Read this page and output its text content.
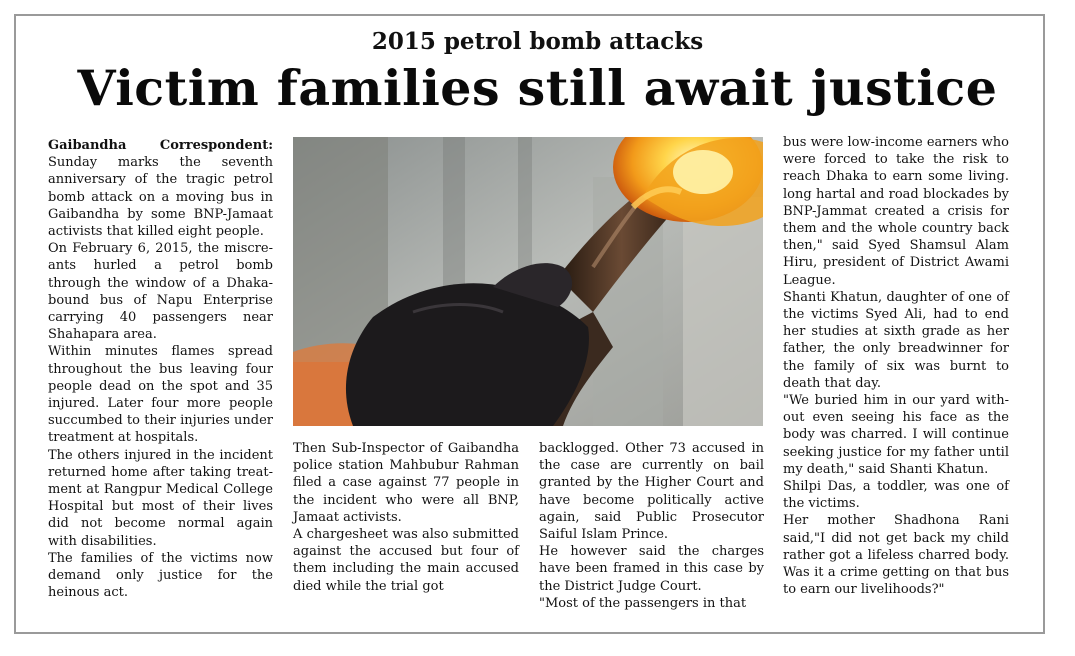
2015 petrol bomb attacks
Victim families still await justice

Gaibandha Correspondent: Sunday marks the seventh anniversary of the tragic petrol bomb attack on a moving bus in Gaibandha by some BNP-Jamaat activists that killed eight people.

On February 6, 2015, the miscreants hurled a petrol bomb through the window of a Dhakabound bus of Napu Enterprise carrying 40 passengers near Shahapara area.

Within minutes flames spread throughout the bus leaving four people dead on the spot and 35 injured. Later four more people succumbed to their injuries under treatment at hospitals.

The others injured in the incident returned home after taking treatment at Rangpur Medical College Hospital but most of their lives did not become normal again with disabilities.

The families of the victims now demand only justice for the heinous act.

Then Sub-Inspector of Gaibandha police station Mahbubur Rahman filed a case against 77 people in the incident who were all BNP, Jamaat activists.

A chargesheet was also submitted against the accused but four of them including the main accused died while the trial got

backlogged. Other 73 accused in the case are currently on bail granted by the Higher Court and have become politically active again, said Public Prosecutor Saiful Islam Prince.

He however said the charges have been framed in this case by the District Judge Court.

"Most of the passengers in that

bus were low-income earners who were forced to take the risk to reach Dhaka to earn some living. long hartal and road blockades by BNP-Jammat created a crisis for them and the whole country back then," said Syed Shamsul Alam Hiru, president of District Awami League.

Shanti Khatun, daughter of one of the victims Syed Ali, had to end her studies at sixth grade as her father, the only breadwinner for the family of six was burnt to death that day.

"We buried him in our yard without even seeing his face as the body was charred. I will continue seeking justice for my father until my death," said Shanti Khatun.

Shilpi Das, a toddler, was one of the victims.

Her mother Shadhona Rani said,"I did not get back my child rather got a lifeless charred body. Was it a crime getting on that bus to earn our livelihoods?"
